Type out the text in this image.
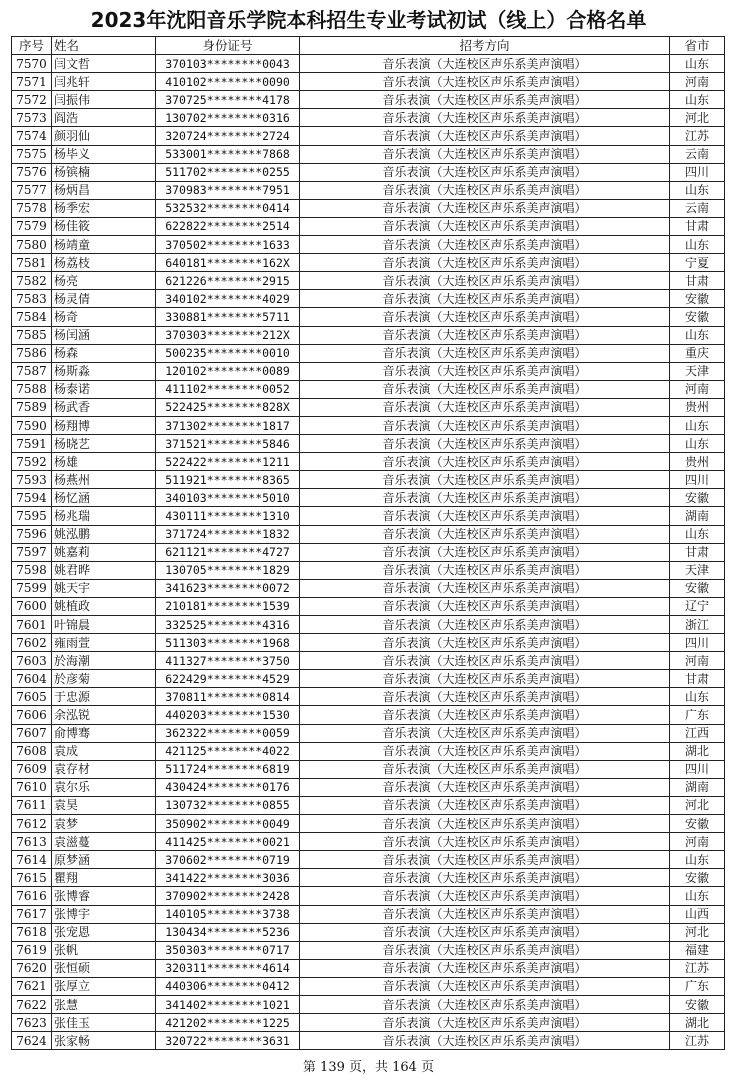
2023年沈阳音乐学院本科招生专业考试初试（线上）合格名单
序号	姓名	身份证号	招考方向	省市
7570	闫文哲	370103********0043	音乐表演（大连校区声乐系美声演唱）	山东
7571	闫兆轩	410102********0090	音乐表演（大连校区声乐系美声演唱）	河南
7572	闫振伟	370725********4178	音乐表演（大连校区声乐系美声演唱）	山东
7573	阎浩	130702********0316	音乐表演（大连校区声乐系美声演唱）	河北
7574	颜羽仙	320724********2724	音乐表演（大连校区声乐系美声演唱）	江苏
7575	杨毕义	533001********7868	音乐表演（大连校区声乐系美声演唱）	云南
7576	杨镔楠	511702********0255	音乐表演（大连校区声乐系美声演唱）	四川
7577	杨炳昌	370983********7951	音乐表演（大连校区声乐系美声演唱）	山东
7578	杨季宏	532532********0414	音乐表演（大连校区声乐系美声演唱）	云南
7579	杨佳筱	622822********2514	音乐表演（大连校区声乐系美声演唱）	甘肃
7580	杨靖童	370502********1633	音乐表演（大连校区声乐系美声演唱）	山东
7581	杨荔枝	640181********162X	音乐表演（大连校区声乐系美声演唱）	宁夏
7582	杨亮	621226********2915	音乐表演（大连校区声乐系美声演唱）	甘肃
7583	杨灵倩	340102********4029	音乐表演（大连校区声乐系美声演唱）	安徽
7584	杨奇	330881********5711	音乐表演（大连校区声乐系美声演唱）	安徽
7585	杨闰涵	370303********212X	音乐表演（大连校区声乐系美声演唱）	山东
7586	杨森	500235********0010	音乐表演（大连校区声乐系美声演唱）	重庆
7587	杨斯淼	120102********0089	音乐表演（大连校区声乐系美声演唱）	天津
7588	杨泰诺	411102********0052	音乐表演（大连校区声乐系美声演唱）	河南
7589	杨武香	522425********828X	音乐表演（大连校区声乐系美声演唱）	贵州
7590	杨翔博	371302********1817	音乐表演（大连校区声乐系美声演唱）	山东
7591	杨晓艺	371521********5846	音乐表演（大连校区声乐系美声演唱）	山东
7592	杨雄	522422********1211	音乐表演（大连校区声乐系美声演唱）	贵州
7593	杨燕州	511921********8365	音乐表演（大连校区声乐系美声演唱）	四川
7594	杨忆涵	340103********5010	音乐表演（大连校区声乐系美声演唱）	安徽
7595	杨兆瑞	430111********1310	音乐表演（大连校区声乐系美声演唱）	湖南
7596	姚泓鹏	371724********1832	音乐表演（大连校区声乐系美声演唱）	山东
7597	姚嘉莉	621121********4727	音乐表演（大连校区声乐系美声演唱）	甘肃
7598	姚君晔	130705********1829	音乐表演（大连校区声乐系美声演唱）	天津
7599	姚天宇	341623********0072	音乐表演（大连校区声乐系美声演唱）	安徽
7600	姚植政	210181********1539	音乐表演（大连校区声乐系美声演唱）	辽宁
7601	叶锦晨	332525********4316	音乐表演（大连校区声乐系美声演唱）	浙江
7602	雍雨萱	511303********1968	音乐表演（大连校区声乐系美声演唱）	四川
7603	於海潮	411327********3750	音乐表演（大连校区声乐系美声演唱）	河南
7604	於彦菊	622429********4529	音乐表演（大连校区声乐系美声演唱）	甘肃
7605	于忠源	370811********0814	音乐表演（大连校区声乐系美声演唱）	山东
7606	余泓锐	440203********1530	音乐表演（大连校区声乐系美声演唱）	广东
7607	俞博骞	362322********0059	音乐表演（大连校区声乐系美声演唱）	江西
7608	袁成	421125********4022	音乐表演（大连校区声乐系美声演唱）	湖北
7609	袁存材	511724********6819	音乐表演（大连校区声乐系美声演唱）	四川
7610	袁尔乐	430424********0176	音乐表演（大连校区声乐系美声演唱）	湖南
7611	袁昊	130732********0855	音乐表演（大连校区声乐系美声演唱）	河北
7612	袁梦	350902********0049	音乐表演（大连校区声乐系美声演唱）	安徽
7613	袁滋蔓	411425********0021	音乐表演（大连校区声乐系美声演唱）	河南
7614	原梦涵	370602********0719	音乐表演（大连校区声乐系美声演唱）	山东
7615	瞿翔	341422********3036	音乐表演（大连校区声乐系美声演唱）	安徽
7616	张博睿	370902********2428	音乐表演（大连校区声乐系美声演唱）	山东
7617	张博宇	140105********3738	音乐表演（大连校区声乐系美声演唱）	山西
7618	张宠恩	130434********5236	音乐表演（大连校区声乐系美声演唱）	河北
7619	张帆	350303********0717	音乐表演（大连校区声乐系美声演唱）	福建
7620	张恒硕	320311********4614	音乐表演（大连校区声乐系美声演唱）	江苏
7621	张厚立	440306********0412	音乐表演（大连校区声乐系美声演唱）	广东
7622	张慧	341402********1021	音乐表演（大连校区声乐系美声演唱）	安徽
7623	张佳玉	421202********1225	音乐表演（大连校区声乐系美声演唱）	湖北
7624	张家畅	320722********3631	音乐表演（大连校区声乐系美声演唱）	江苏
第 139 页，共 164 页
